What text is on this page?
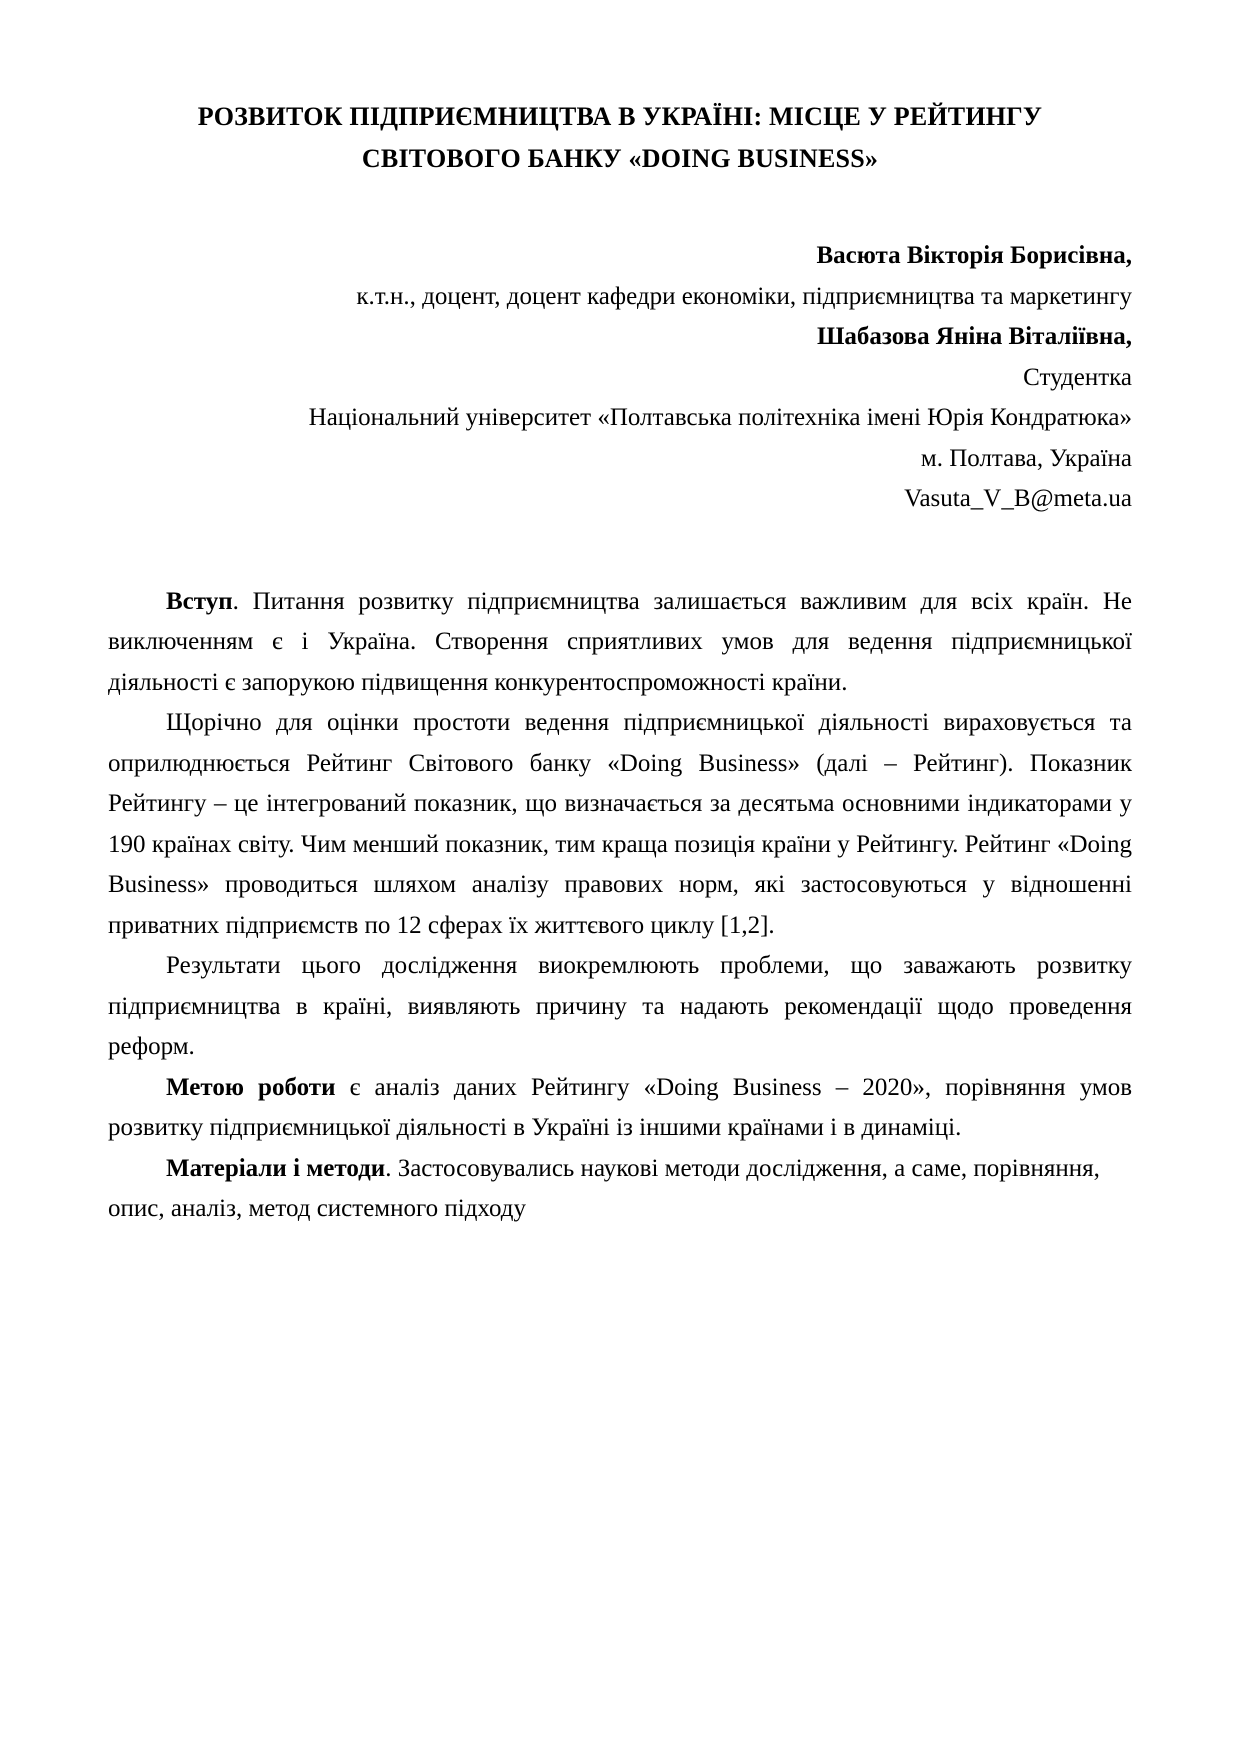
РОЗВИТОК ПІДПРИЄМНИЦТВА В УКРАЇНІ: МІСЦЕ У РЕЙТИНГУ
СВІТОВОГО БАНКУ «DOING BUSINESS»
Васюта Вікторія Борисівна,
к.т.н., доцент, доцент кафедри економіки, підприємництва та маркетингу
Шабазова Яніна Віталіївна,
Студентка
Національний університет «Полтавська політехніка імені Юрія Кондратюка»
м. Полтава, Україна
Vasuta_V_B@meta.ua

Вступ. Питання розвитку підприємництва залишається важливим для всіх країн. Не виключенням є і Україна. Створення сприятливих умов для ведення підприємницької діяльності є запорукою підвищення конкурентоспроможності країни.

Щорічно для оцінки простоти ведення підприємницької діяльності вираховується та оприлюднюється Рейтинг Світового банку «Doing Business» (далі – Рейтинг). Показник Рейтингу – це інтегрований показник, що визначається за десятьма основними індикаторами у 190 країнах світу. Чим менший показник, тим краща позиція країни у Рейтингу. Рейтинг «Doing Business» проводиться шляхом аналізу правових норм, які застосовуються у відношенні приватних підприємств по 12 сферах їх життєвого циклу [1,2].

Результати цього дослідження виокремлюють проблеми, що заважають розвитку підприємництва в країні, виявляють причину та надають рекомендації щодо проведення реформ.

Метою роботи є аналіз даних Рейтингу «Doing Business – 2020», порівняння умов розвитку підприємницької діяльності в Україні із іншими країнами і в динаміці.

Матеріали і методи. Застосовувались наукові методи дослідження, а саме, порівняння, опис, аналіз, метод системного підходу
